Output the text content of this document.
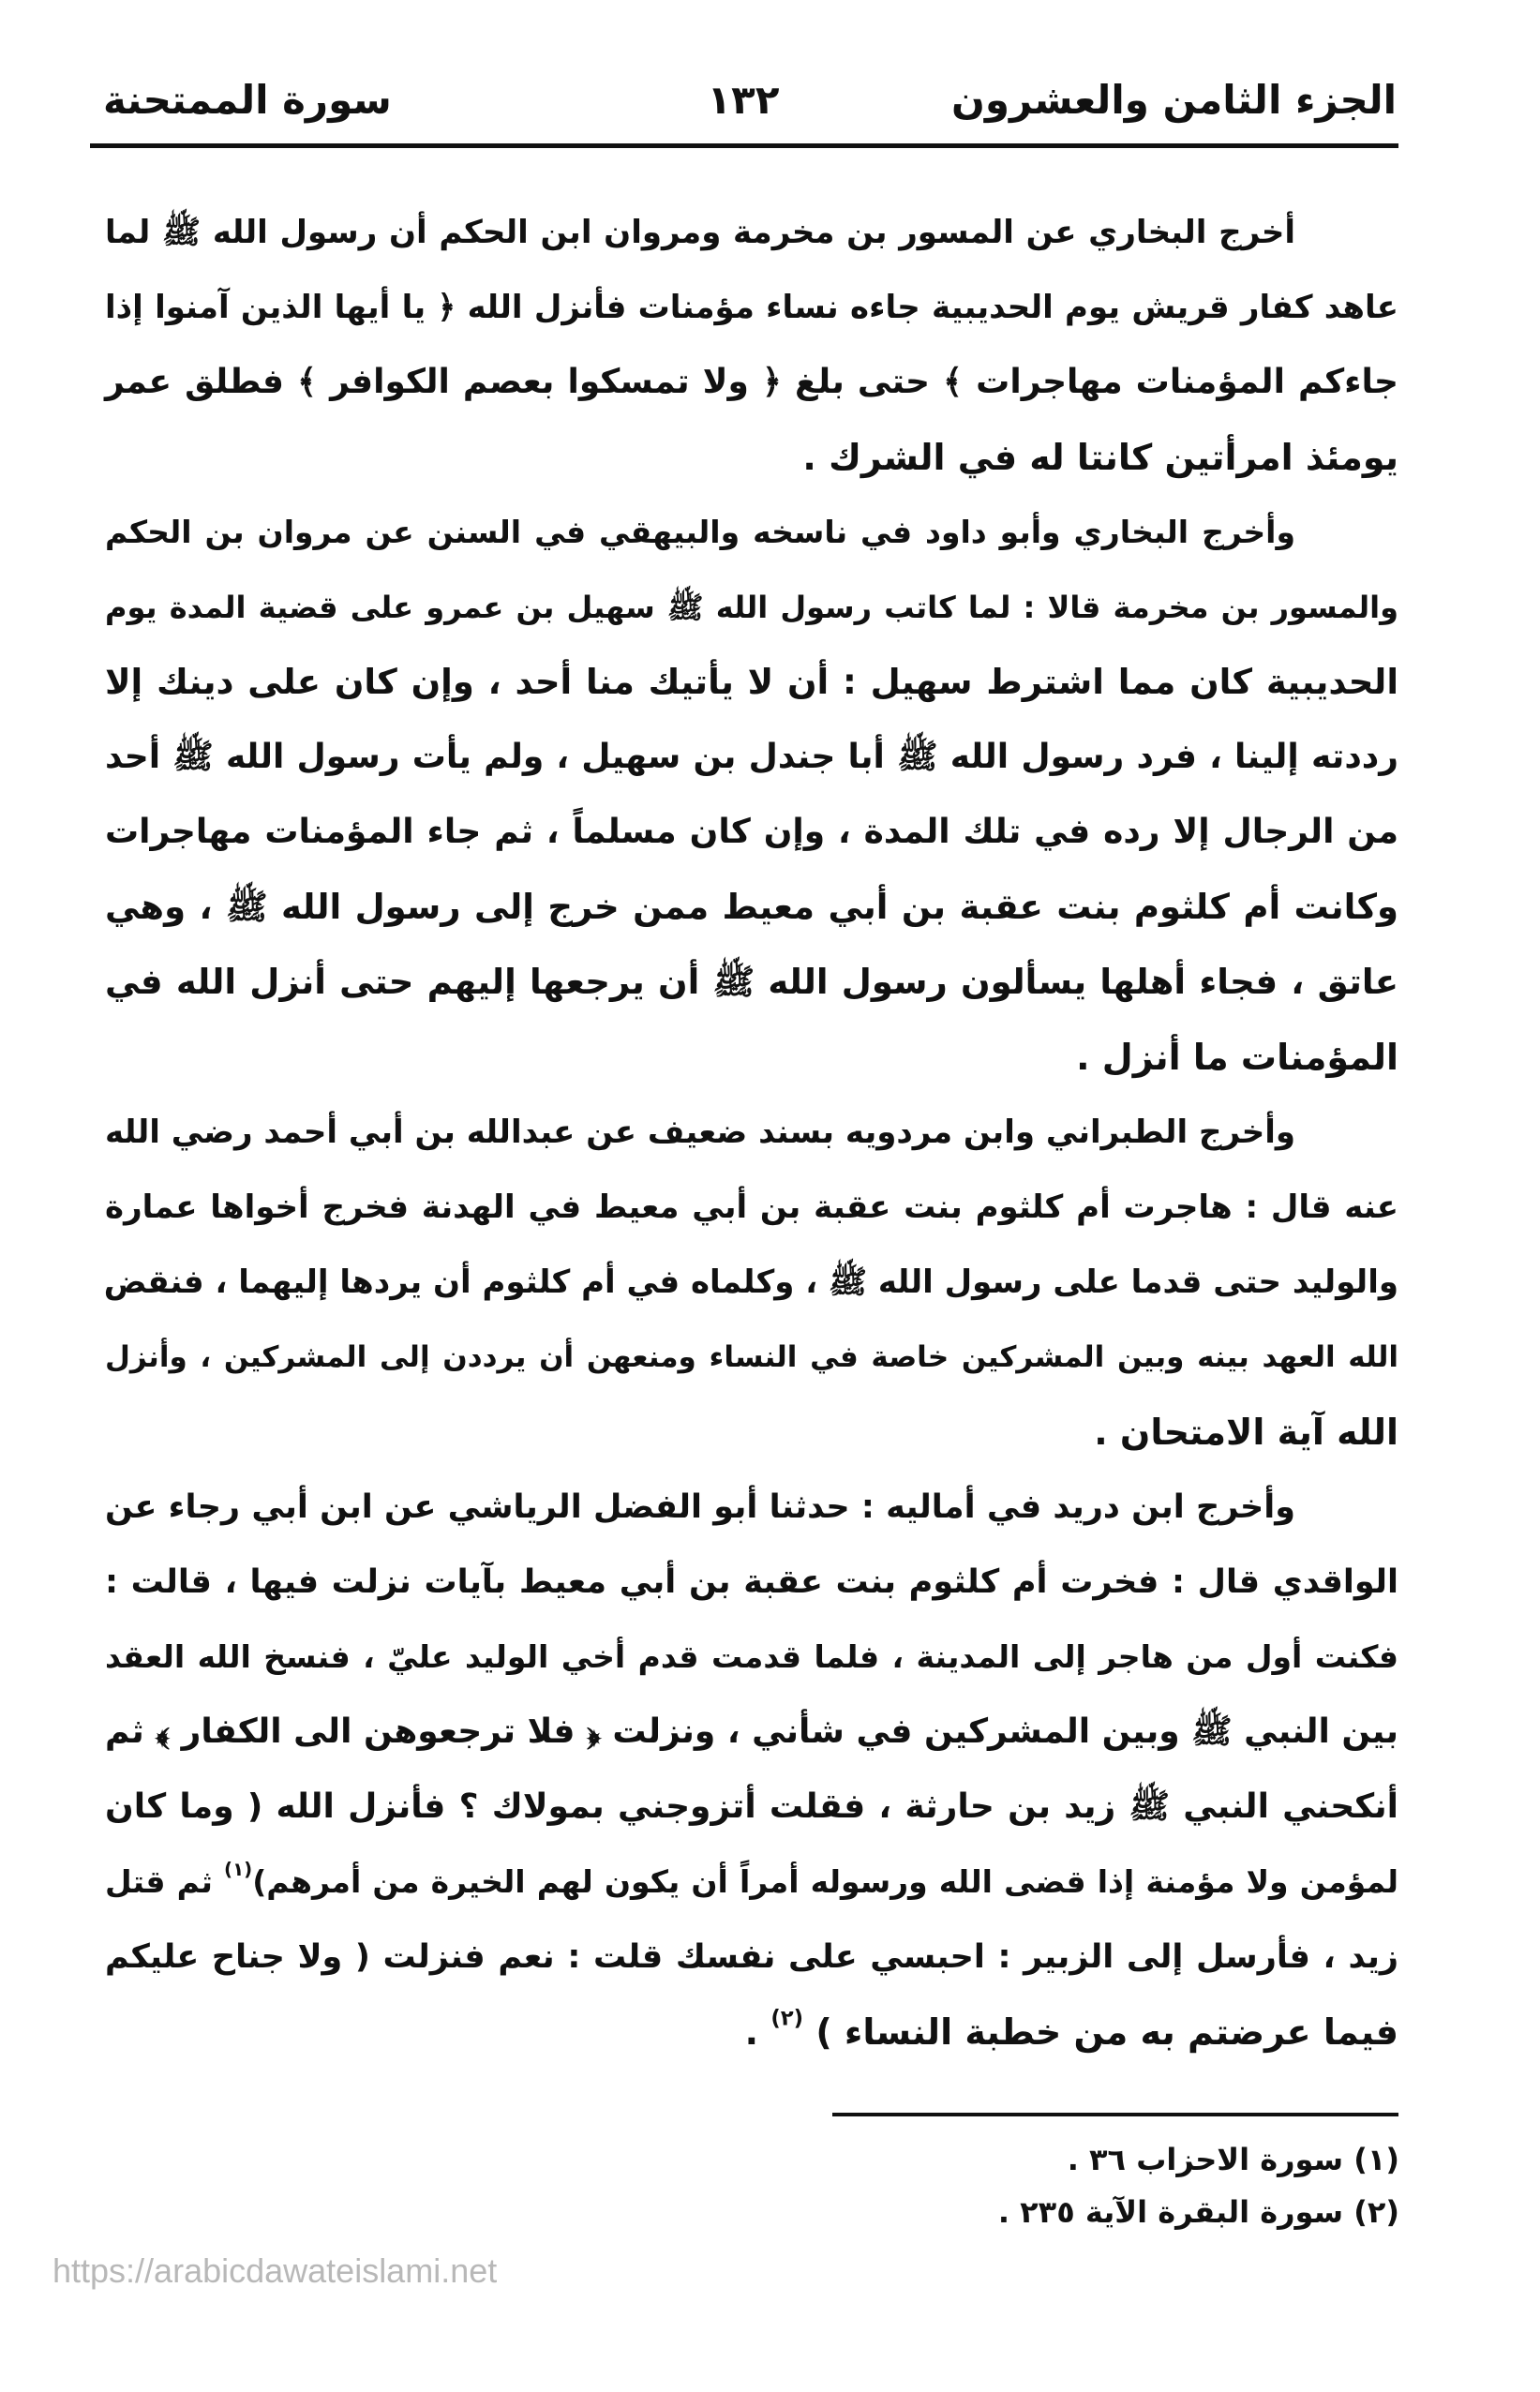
الجزء الثامن والعشرون
١٣٢
سورة الممتحنة
أخرج البخاري عن المسور بن مخرمة ومروان ابن الحكم أن رسول الله ﷺ لما
عاهد كفار قريش يوم الحديبية جاءه نساء مؤمنات فأنزل الله ﴿ يا أيها الذين آمنوا إذا
جاءكم المؤمنات مهاجرات ﴾ حتى بلغ ﴿ ولا تمسكوا بعصم الكوافر ﴾ فطلق عمر
يومئذ امرأتين كانتا له في الشرك .
وأخرج البخاري وأبو داود في ناسخه والبيهقي في السنن عن مروان بن الحكم
والمسور بن مخرمة قالا : لما كاتب رسول الله ﷺ سهيل بن عمرو على قضية المدة يوم
الحديبية كان مما اشترط سهيل : أن لا يأتيك منا أحد ، وإن كان على دينك إلا
رددته إلينا ، فرد رسول الله ﷺ أبا جندل بن سهيل ، ولم يأت رسول الله ﷺ أحد
من الرجال إلا رده في تلك المدة ، وإن كان مسلماً ، ثم جاء المؤمنات مهاجرات
وكانت أم كلثوم بنت عقبة بن أبي معيط ممن خرج إلى رسول الله ﷺ ، وهي
عاتق ، فجاء أهلها يسألون رسول الله ﷺ أن يرجعها إليهم حتى أنزل الله في
المؤمنات ما أنزل .
وأخرج الطبراني وابن مردويه بسند ضعيف عن عبدالله بن أبي أحمد رضي الله
عنه قال : هاجرت أم كلثوم بنت عقبة بن أبي معيط في الهدنة فخرج أخواها عمارة
والوليد حتى قدما على رسول الله ﷺ ، وكلماه في أم كلثوم أن يردها إليهما ، فنقض
الله العهد بينه وبين المشركين خاصة في النساء ومنعهن أن يرددن إلى المشركين ، وأنزل
الله آية الامتحان .
وأخرج ابن دريد في أماليه : حدثنا أبو الفضل الرياشي عن ابن أبي رجاء عن
الواقدي قال : فخرت أم كلثوم بنت عقبة بن أبي معيط بآيات نزلت فيها ، قالت :
فكنت أول من هاجر إلى المدينة ، فلما قدمت قدم أخي الوليد عليّ ، فنسخ الله العقد
بين النبي ﷺ وبين المشركين في شأني ، ونزلت ﴿ فلا ترجعوهن الى الكفار ﴾ ثم
أنكحني النبي ﷺ زيد بن حارثة ، فقلت أتزوجني بمولاك ؟ فأنزل الله ( وما كان
لمؤمن ولا مؤمنة إذا قضى الله ورسوله أمراً أن يكون لهم الخيرة من أمرهم)$^{(١)}$ ثم قتل
زيد ، فأرسل إلى الزبير : احبسي على نفسك قلت : نعم فنزلت ( ولا جناح عليكم
فيما عرضتم به من خطبة النساء ) $^{(٢)}$ .
(١) سورة الاحزاب ٣٦ .
(٢) سورة البقرة الآية ٢٣٥ .
https://arabicdawateislami.net
